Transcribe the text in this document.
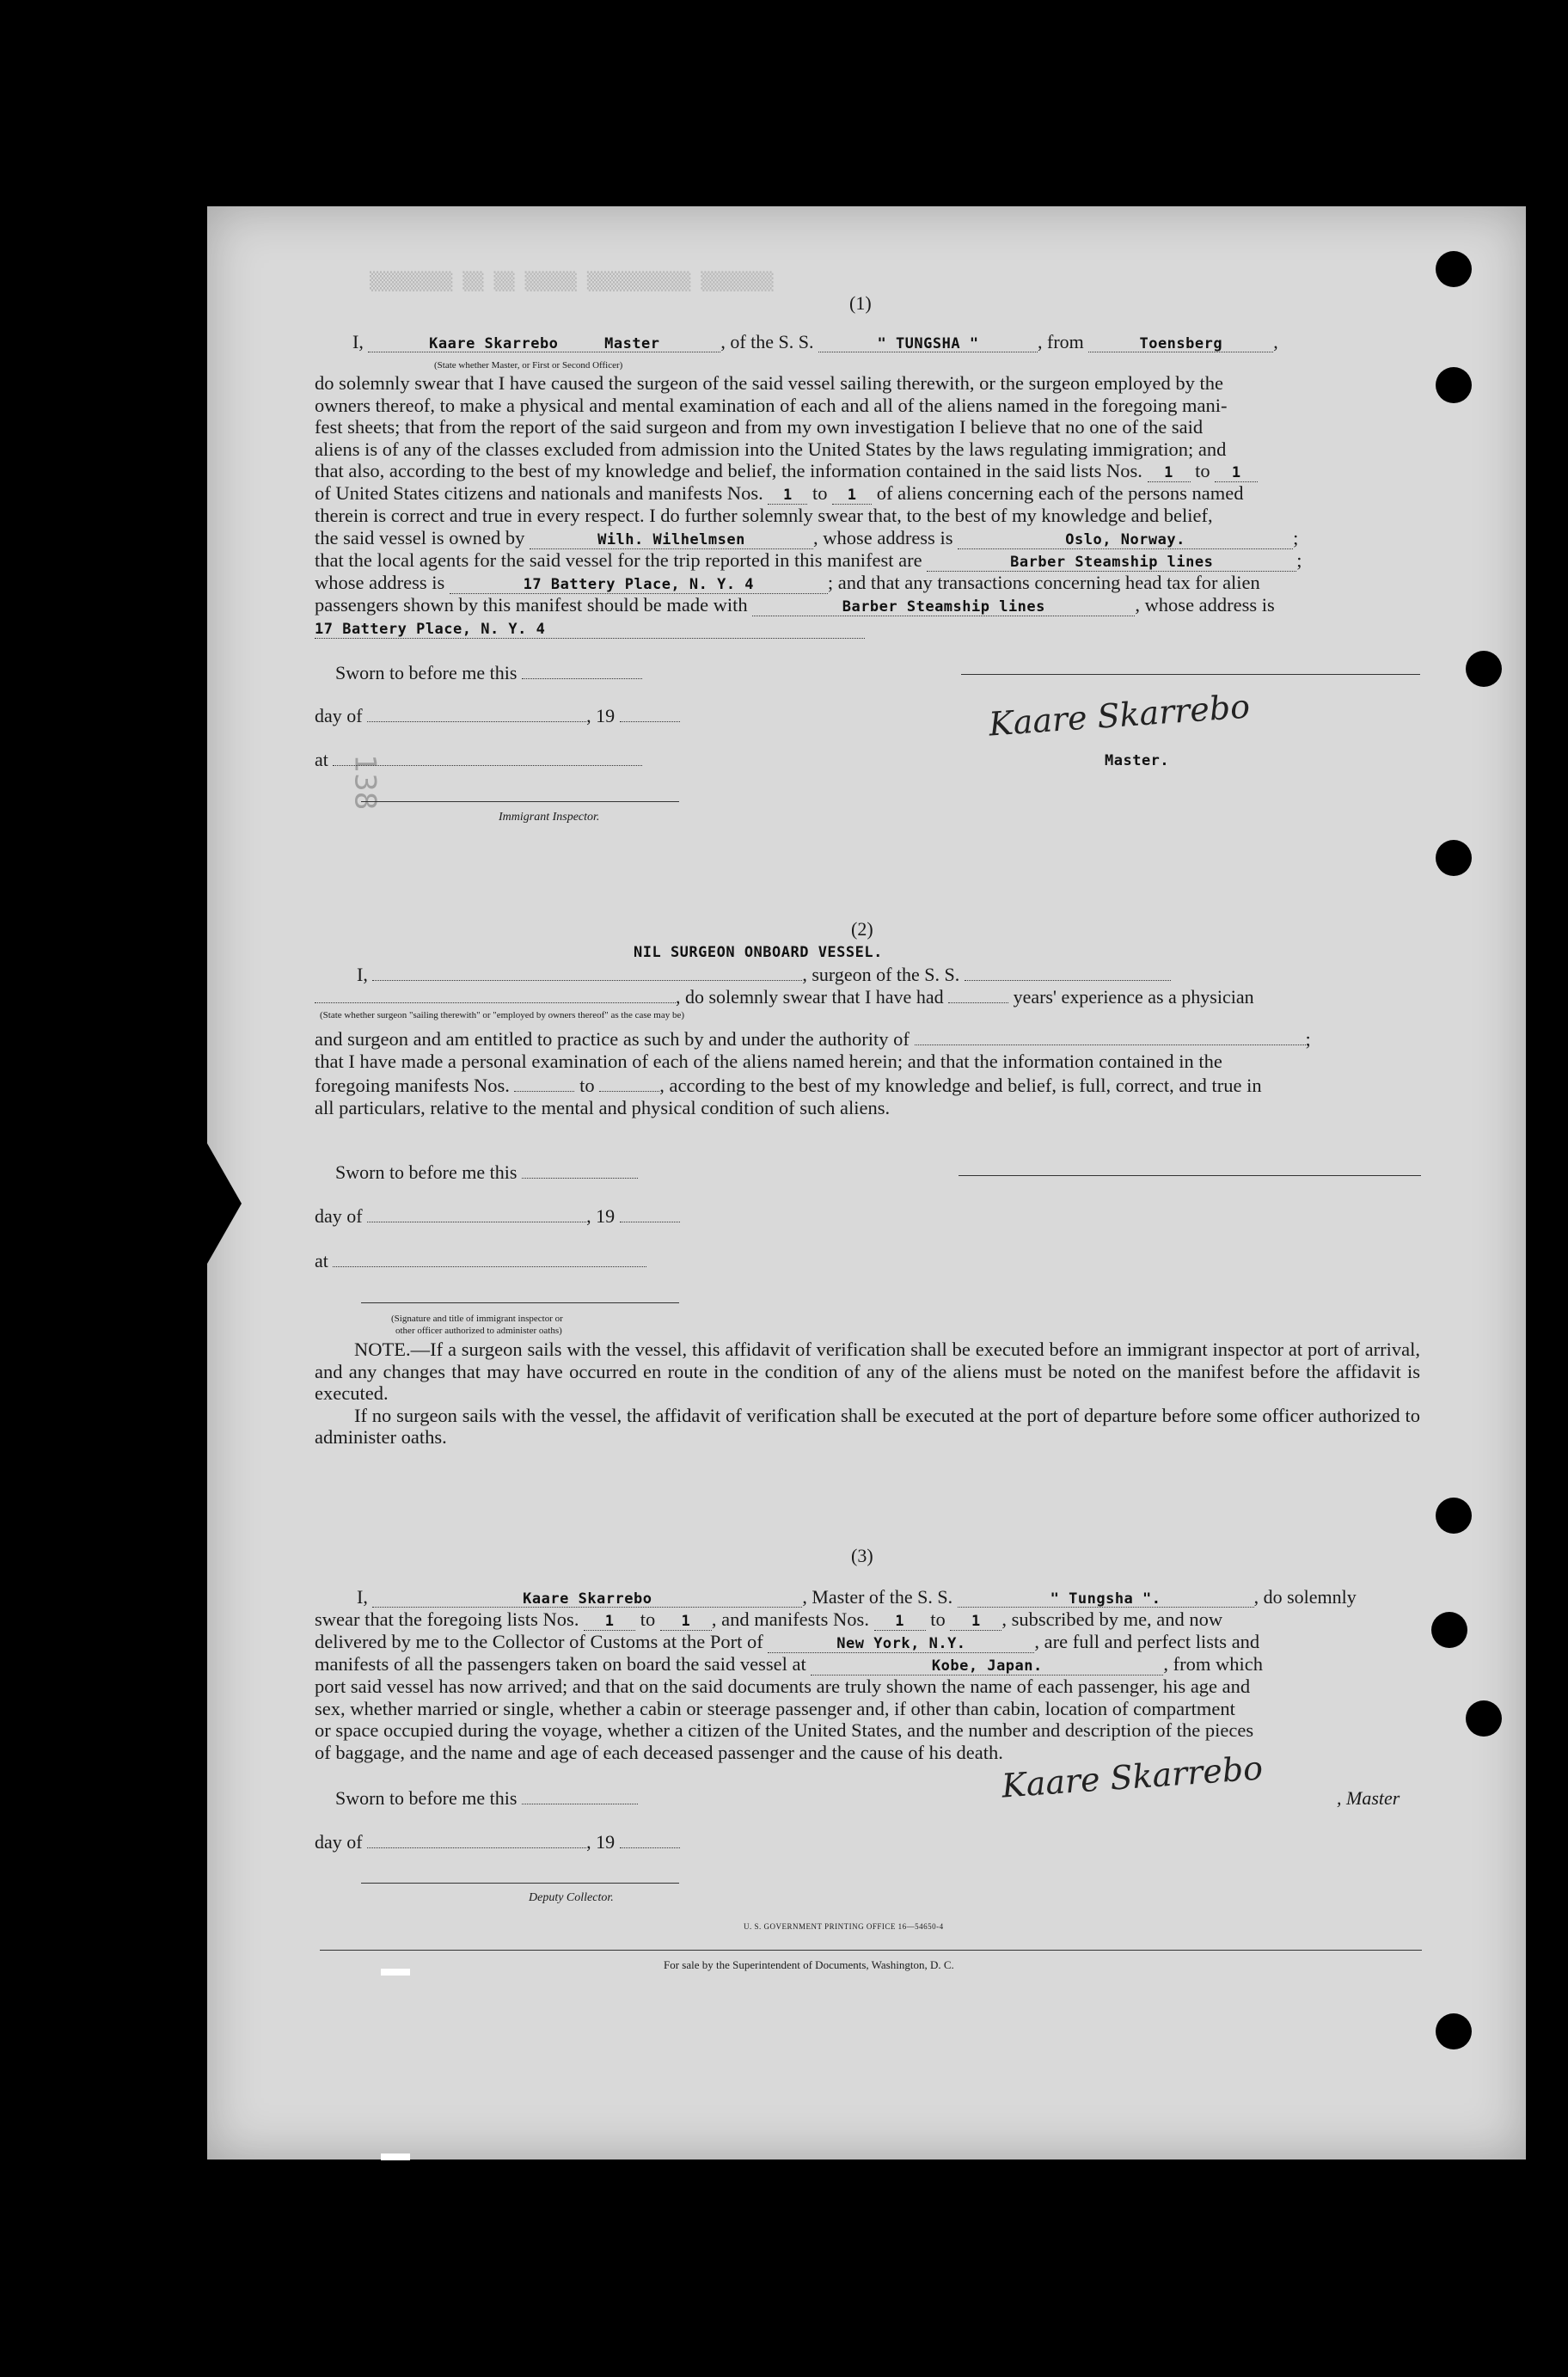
▒▒▒▒▒▒▒▒ ▒▒ ▒▒ ▒▒▒▒▒ ▒▒▒▒▒▒▒▒▒▒ ▒▒▒▒▒▒▒
138
(1)
I,	Kaare Skarrebo	Master	, of the S. S.	" TUNGSHA "	, from	Toensberg	,
(State whether Master, or First or Second Officer)

do solemnly swear that I have caused the surgeon of the said vessel sailing therewith, or the surgeon employed by the

owners thereof, to make a physical and mental examination of each and all of the aliens named in the foregoing mani-

fest sheets; that from the report of the said surgeon and from my own investigation I believe that no one of the said

aliens is of any of the classes excluded from admission into the United States by the laws regulating immigration; and

that also, according to the best of my knowledge and belief, the information contained in the said lists Nos. 1 to 1

of United States citizens and nationals and manifests Nos. 1 to 1 of aliens concerning each of the persons named

therein is correct and true in every respect. I do further solemnly swear that, to the best of my knowledge and belief,

the said vessel is owned by	Wilh. Wilhelmsen	, whose address is	Oslo, Norway.	;

that the local agents for the said vessel for the trip reported in this manifest are	Barber Steamship lines	;

whose address is	17 Battery Place, N. Y. 4	; and that any transactions concerning head tax for alien

passengers shown by this manifest should be made with	Barber Steamship lines	, whose address is

17 Battery Place, N. Y. 4

Sworn to before me this
day of	, 19
at
Immigrant Inspector.
Kaare Skarrebo
Master.
(2)
NIL SURGEON ONBOARD VESSEL.
I,	, surgeon of the S. S.
, do solemnly swear that I have had	years' experience as a physician
(State whether surgeon "sailing therewith" or "employed by owners thereof" as the case may be)

and surgeon and am entitled to practice as such by and under the authority of	;

that I have made a personal examination of each of the aliens named herein; and that the information contained in the

foregoing manifests Nos.	to	, according to the best of my knowledge and belief, is full, correct, and true in

all particulars, relative to the mental and physical condition of such aliens.

Sworn to before me this
day of	, 19
at
(Signature and title of immigrant inspector or
other officer authorized to administer oaths)

NOTE.—If a surgeon sails with the vessel, this affidavit of verification shall be executed before an immigrant inspector at port of arrival, and any changes that may have occurred en route in the condition of any of the aliens must be noted on the manifest before the affidavit is executed.

If no surgeon sails with the vessel, the affidavit of verification shall be executed at the port of departure before some officer authorized to administer oaths.

(3)
I,	Kaare Skarrebo	, Master of the S. S.	" Tungsha ".	, do solemnly

swear that the foregoing lists Nos. 1 to 1 , and manifests Nos. 1 to 1 , subscribed by me, and now

delivered by me to the Collector of Customs at the Port of	New York, N.Y.	, are full and perfect lists and

manifests of all the passengers taken on board the said vessel at	Kobe, Japan.	, from which

port said vessel has now arrived; and that on the said documents are truly shown the name of each passenger, his age and

sex, whether married or single, whether a cabin or steerage passenger and, if other than cabin, location of compartment

or space occupied during the voyage, whether a citizen of the United States, and the number and description of the pieces

of baggage, and the name and age of each deceased passenger and the cause of his death.

Sworn to before me this	Kaare Skarrebo	, Master
day of	, 19
Deputy Collector.
U. S. GOVERNMENT PRINTING OFFICE 16—54650-4
For sale by the Superintendent of Documents, Washington, D. C.
